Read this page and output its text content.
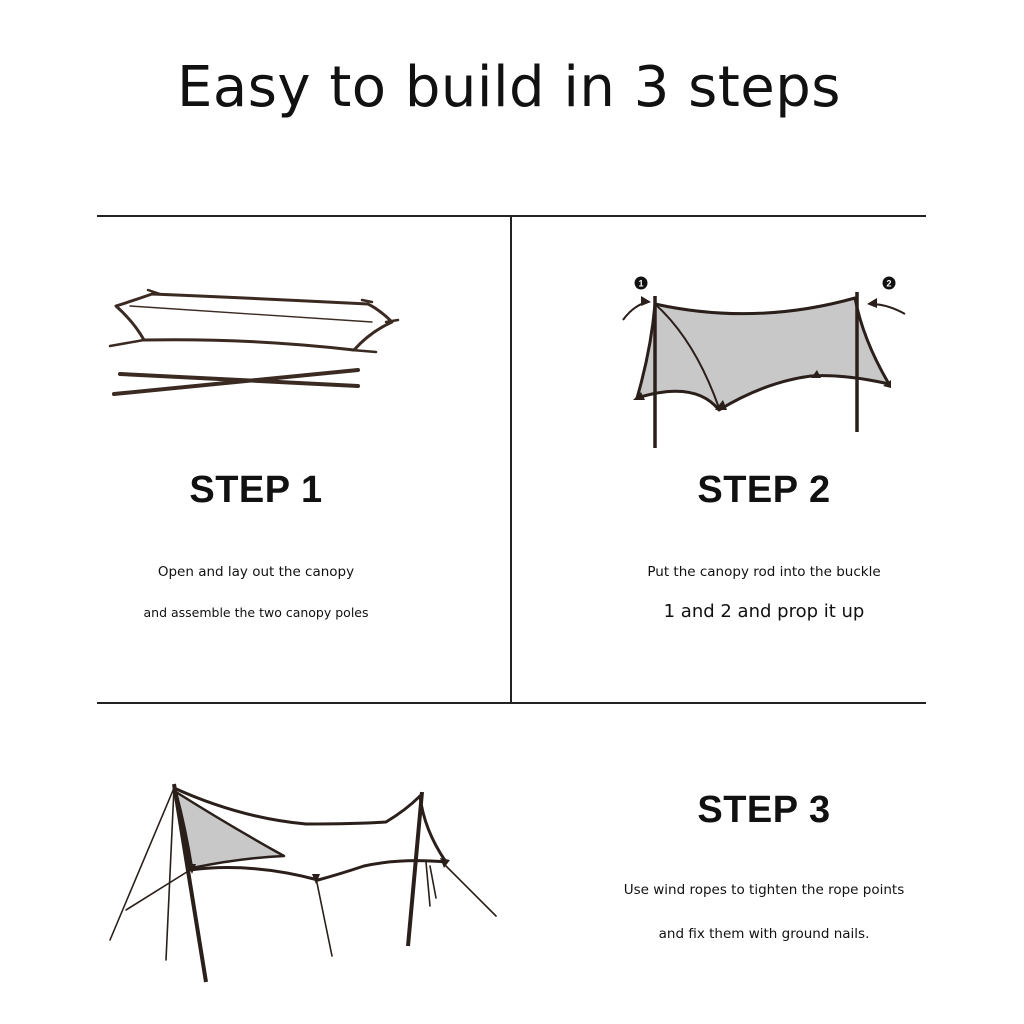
Easy to build in 3 steps
STEP 1
Open and lay out the canopy
and assemble the two canopy poles
1	2
STEP 2
Put the canopy rod into the buckle
1 and 2 and prop it up
STEP 3
Use wind ropes to tighten the rope points
and fix them with ground nails.
